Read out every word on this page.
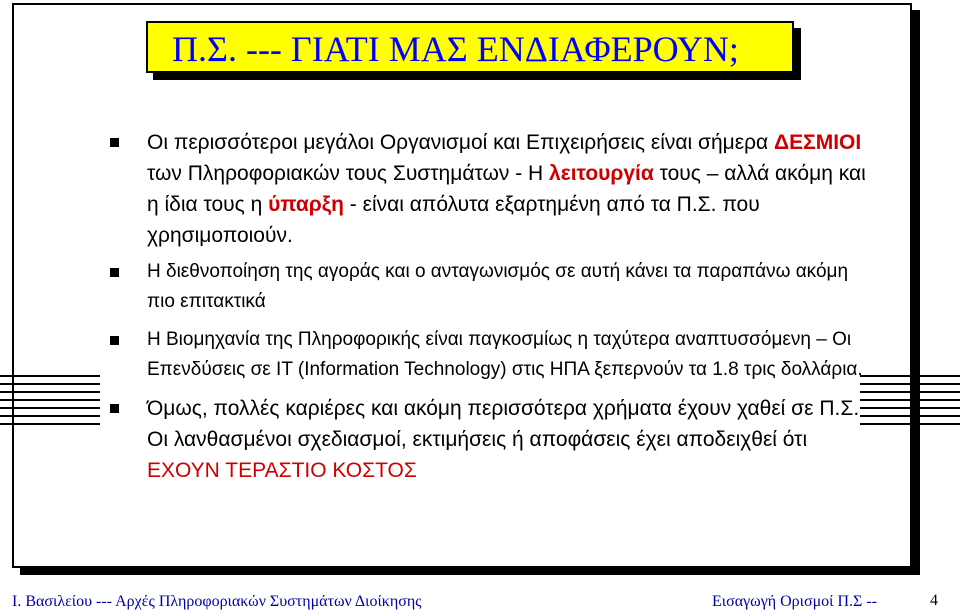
Π.Σ. --- ΓΙΑΤΙ ΜΑΣ ΕΝΔΙΑΦΕΡΟΥΝ;
Οι περισσότεροι μεγάλοι Οργανισμοί και Επιχειρήσεις είναι σήμερα ΔΕΣΜΙΟΙ των Πληροφοριακών τους Συστημάτων - Η λειτουργία τους – αλλά ακόμη και η ίδια τους η ύπαρξη - είναι απόλυτα εξαρτημένη από τα Π.Σ. που χρησιμοποιούν.
Η διεθνοποίηση της αγοράς και ο ανταγωνισμός σε αυτή κάνει τα παραπάνω ακόμη πιο επιτακτικά
Η Βιομηχανία της Πληροφορικής είναι παγκοσμίως η ταχύτερα αναπτυσσόμενη – Οι Επενδύσεις σε IT (Information Technology) στις ΗΠΑ ξεπερνούν τα 1.8 τρις δολλάρια.
Όμως, πολλές καριέρες και ακόμη περισσότερα χρήματα έχουν χαθεί σε Π.Σ. Οι λανθασμένοι σχεδιασμοί, εκτιμήσεις ή αποφάσεις έχει αποδειχθεί ότι ΕΧΟΥΝ ΤΕΡΑΣΤΙΟ ΚΟΣΤΟΣ
Ι. Βασιλείου --- Αρχές Πληροφοριακών Συστημάτων Διοίκησης	Εισαγωγή Ορισμοί Π.Σ --	4
